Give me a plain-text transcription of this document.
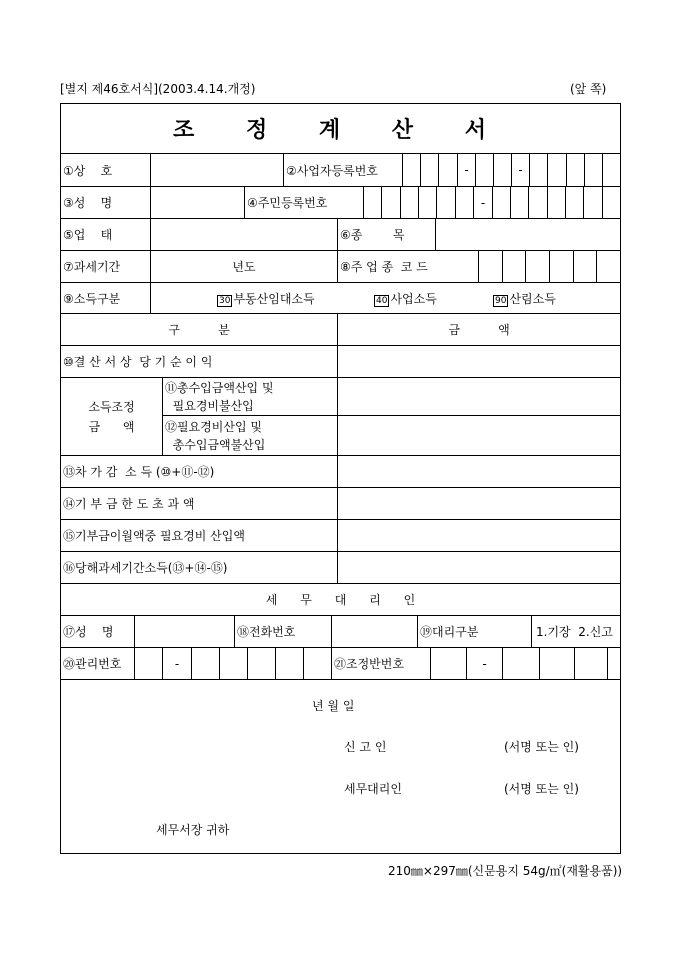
[별지 제46호서식](2003.4.14.개정)	(앞 쪽)
조 정 계 산 서
①상    호	②사업자등록번호	-	-
③성    명	④주민등록번호	-
⑤업    태	⑥종        목
⑦과세기간	년도	⑧주 업 종  코 드
⑨소득구분	30 부동산임대소득	40 사업소득	90 산림소득
구          분	금          액
⑩결 산 서 상  당 기 순 이 익
소득조정
금      액
⑪총수입금액산입 및
필요경비불산입
⑫필요경비산입 및
총수입금액불산입
⑬차 가 감  소 득 (⑩+⑪-⑫)
⑭기 부 금 한 도 초 과 액
⑮기부금이월액중 필요경비 산입액
⑯당해과세기간소득(⑬+⑭-⑮)
세      무      대      리      인
⑰성    명	⑱전화번호	⑲대리구분	1.기장  2.신고
⑳관리번호	-	㉑조정반번호	-
년 월 일
신 고 인	(서명 또는 인)
세무대리인	(서명 또는 인)
세무서장 귀하
210㎜×297㎜(신문용지 54g/㎡(재활용품))
